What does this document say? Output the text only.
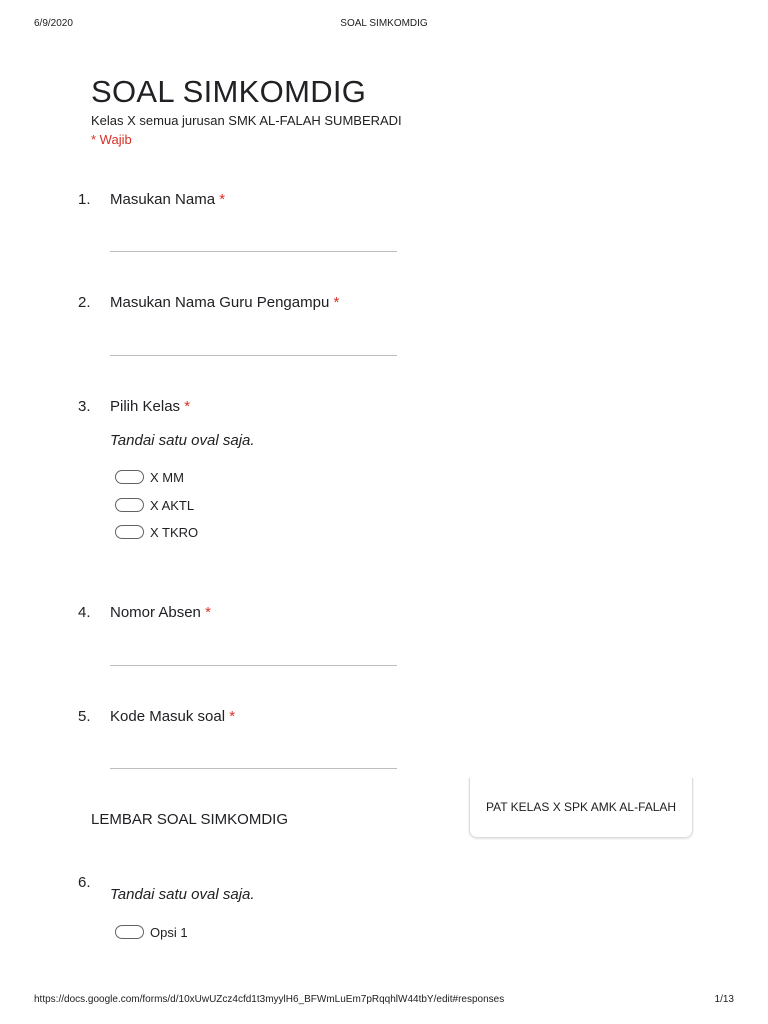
6/9/2020	SOAL SIMKOMDIG
SOAL SIMKOMDIG
Kelas X semua jurusan SMK AL-FALAH SUMBERADI
* Wajib
1. Masukan Nama *
2. Masukan Nama Guru Pengampu *
3. Pilih Kelas *
Tandai satu oval saja.
X MM
X AKTL
X TKRO
4. Nomor Absen *
5. Kode Masuk soal *
LEMBAR SOAL SIMKOMDIG
PAT KELAS X SPK AMK AL-FALAH
6.
Tandai satu oval saja.
Opsi 1
https://docs.google.com/forms/d/10xUwUZcz4cfd1t3myylH6_BFWmLuEm7pRqqhlW44tbY/edit#responses	1/13
